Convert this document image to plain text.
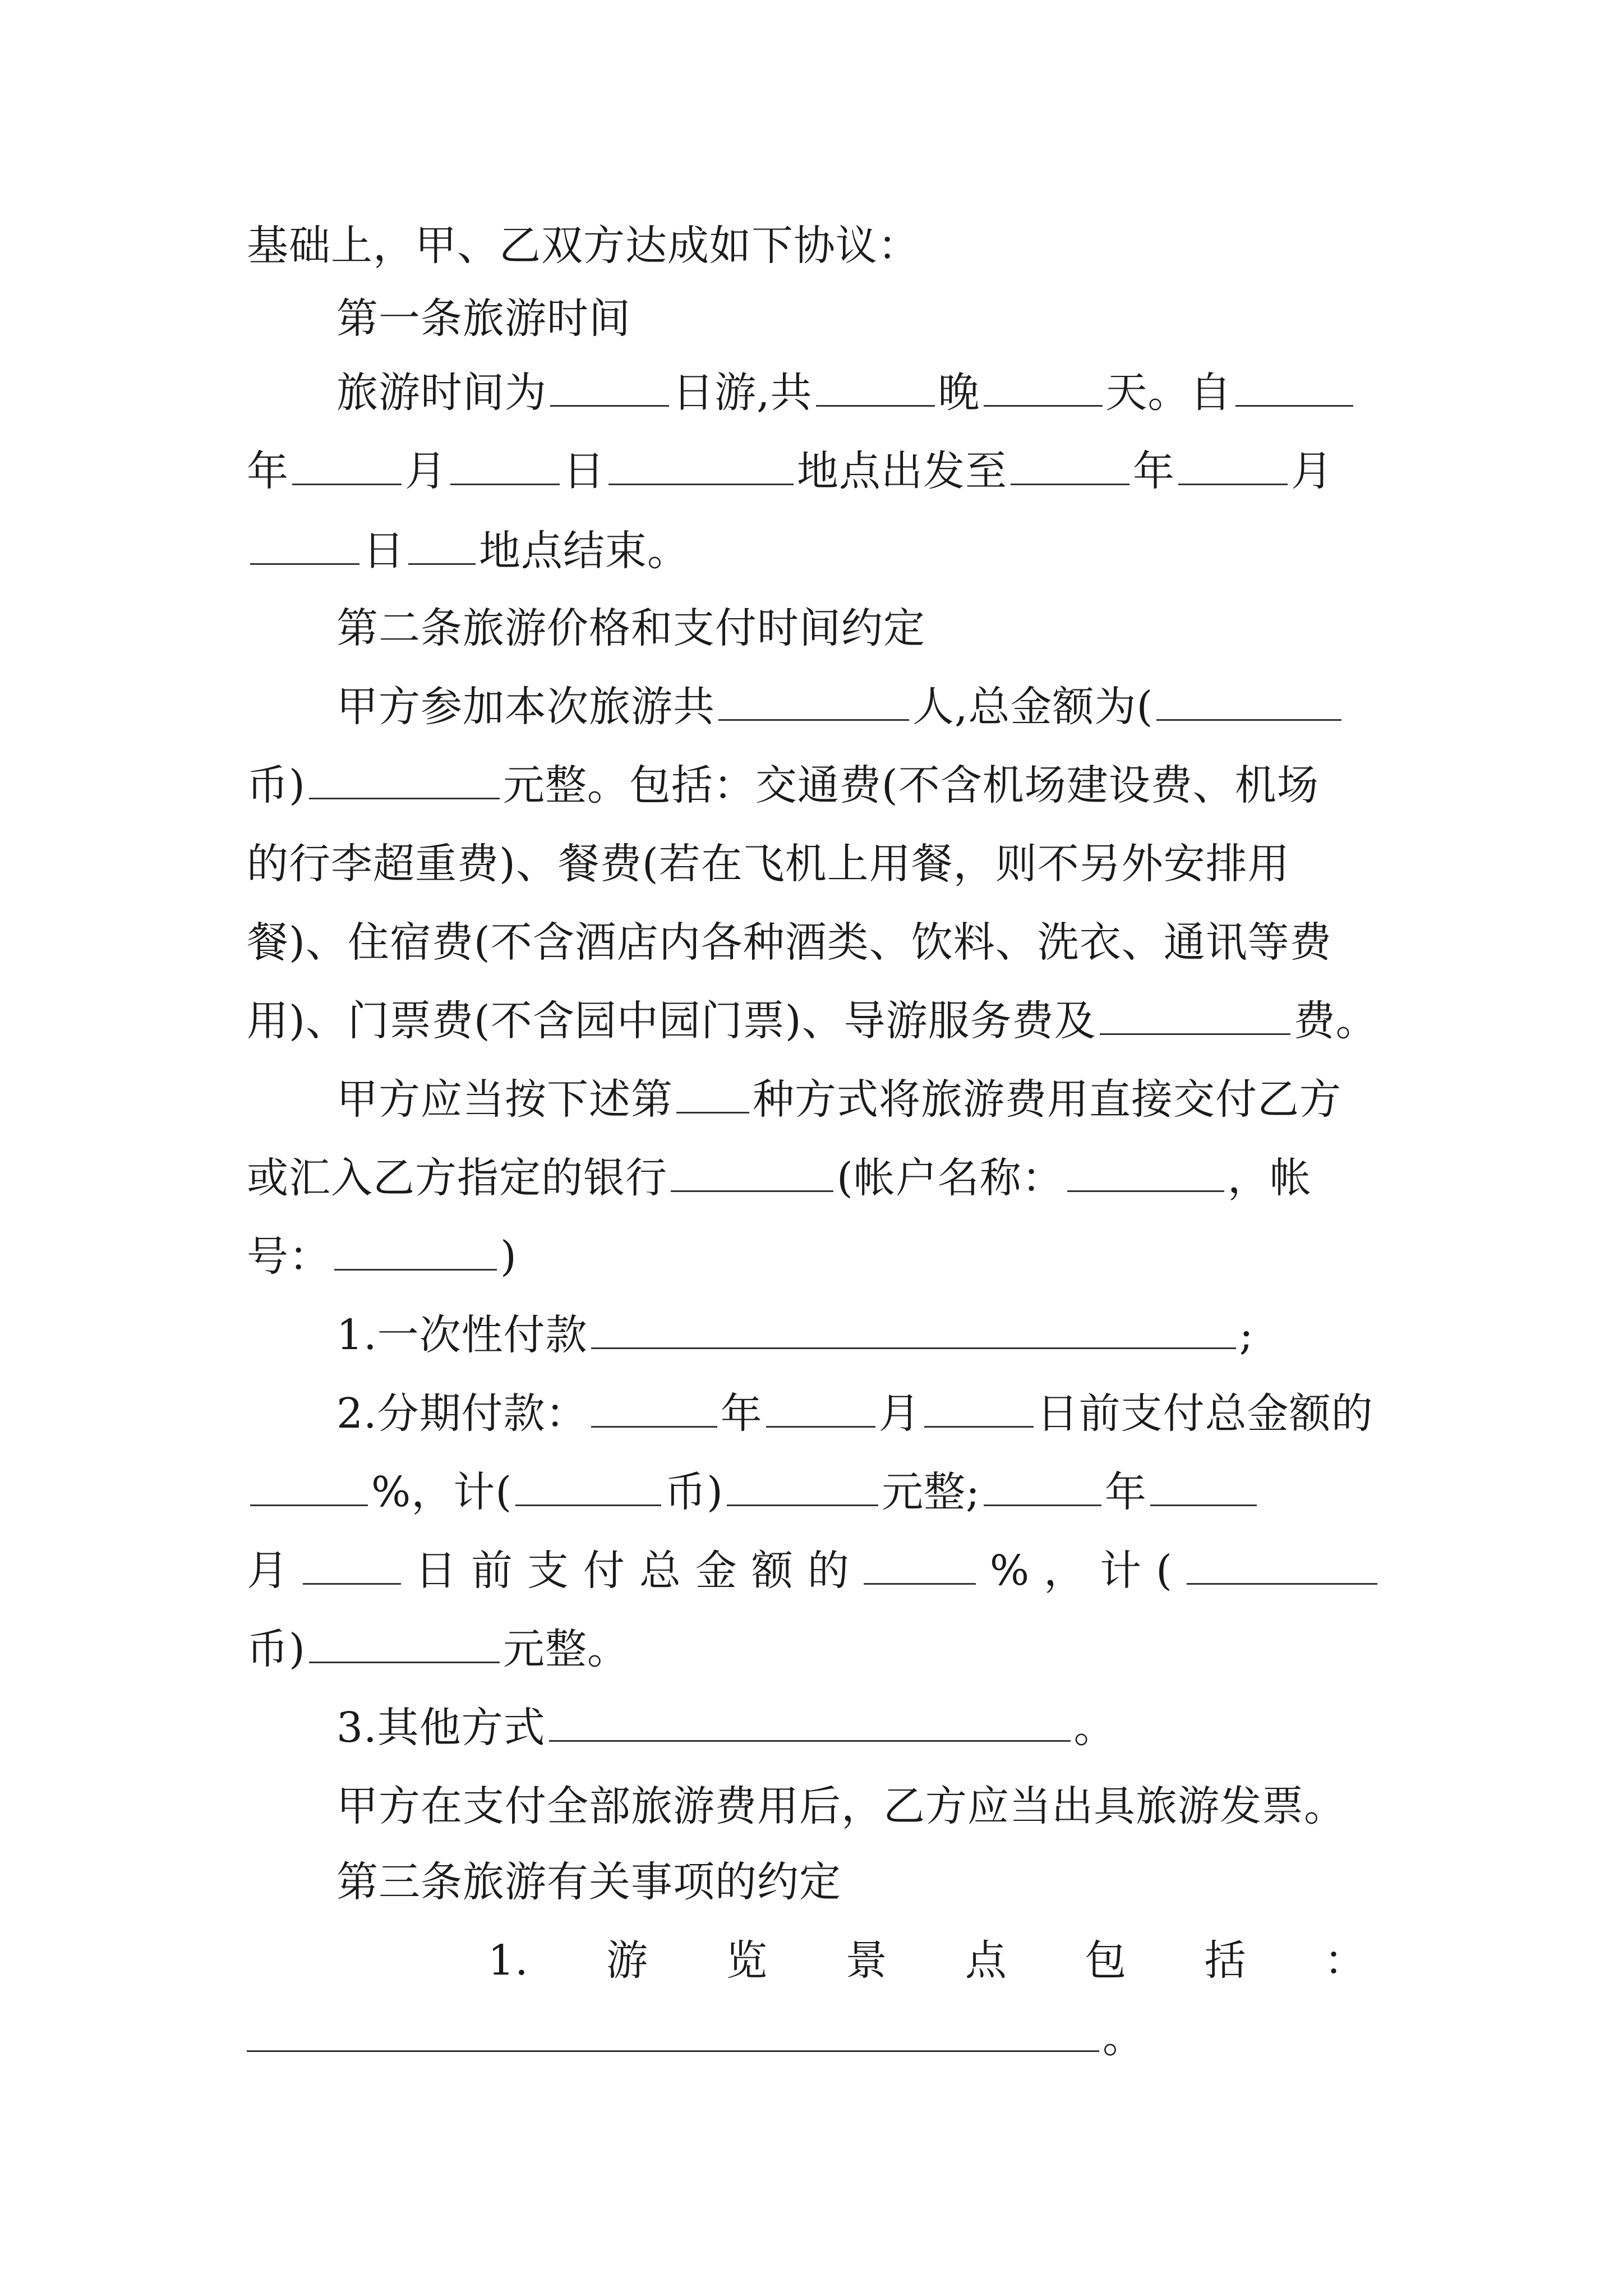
基础上，甲、乙双方达成如下协议：
第一条旅游时间
旅游时间为	日游,共	晚	天。自
年	月	日	地点出发至	年	月
日 地点结束。
第二条旅游价格和支付时间约定
甲方参加本次旅游共	人,总金额为(
币)	元整。包括：交通费(不含机场建设费、机场
的行李超重费)、餐费(若在飞机上用餐，则不另外安排用
餐)、住宿费(不含酒店内各种酒类、饮料、洗衣、通讯等费
用)、门票费(不含园中园门票)、导游服务费及	费。
甲方应当按下述第 种方式将旅游费用直接交付乙方
或汇入乙方指定的银行	(帐户名称：	，帐
号：	)
1.一次性付款	;
2.分期付款：	年	月	日前支付总金额的
%，计(	币)	元整;	年
月	日 前 支 付 总 金 额 的	% ， 计 (
币)	元整。
3.其他方式	。
甲方在支付全部旅游费用后，乙方应当出具旅游发票。
第三条旅游有关事项的约定
1. 游 览 景 点 包 括 ：
。
